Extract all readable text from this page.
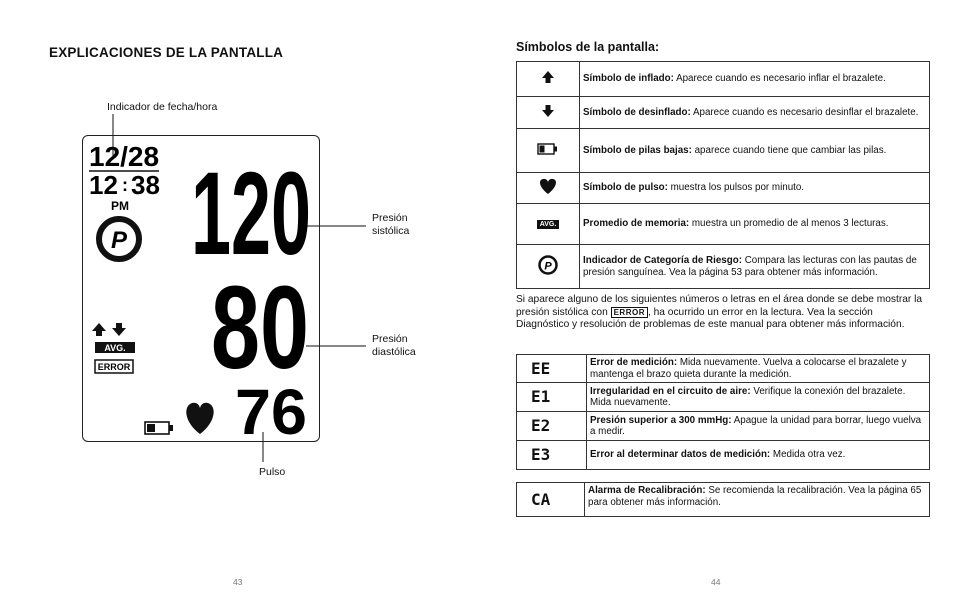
EXPLICACIONES DE LA PANTALLA
Indicador de fecha/hora
Presión
sistólica
Presión
diastólica
Pulso
12/28
12 : 38
PM
P 120
80
76
AVG.
ERROR
43
Símbolos de la pantalla:
	Símbolo de inflado: Aparece cuando es necesario inflar el brazalete.
	Símbolo de desinflado: Aparece cuando es necesario desinflar el brazalete.
	Símbolo de pilas bajas: aparece cuando tiene que cambiar las pilas.
	Símbolo de pulso: muestra los pulsos por minuto.
AVG.	Promedio de memoria: muestra un promedio de al menos 3 lecturas.

P	Indicador de Categoría de Riesgo: Compara las lecturas con las pautas de presión sanguínea. Vea la página 53 para obtener más información.
Si aparece alguno de los siguientes números o letras en el área donde se debe mostrar la presión sistólica con ERROR , ha ocurrido un error en la lectura. Vea la sección Diagnóstico y resolución de problemas de este manual para obtener más información.
EE	Error de medición: Mida nuevamente. Vuelva a colocarse el brazalete y mantenga el brazo quieta durante la medición.
E1	Irregularidad en el circuito de aire: Verifique la conexión del brazalete. Mida nuevamente.
E2	Presión superior a 300 mmHg: Apague la unidad para borrar, luego vuelva a medir.
E3	Error al determinar datos de medición: Medida otra vez.
CA	Alarma de Recalibración: Se recomienda la recalibración. Vea la página 65 para obtener más información.
44
